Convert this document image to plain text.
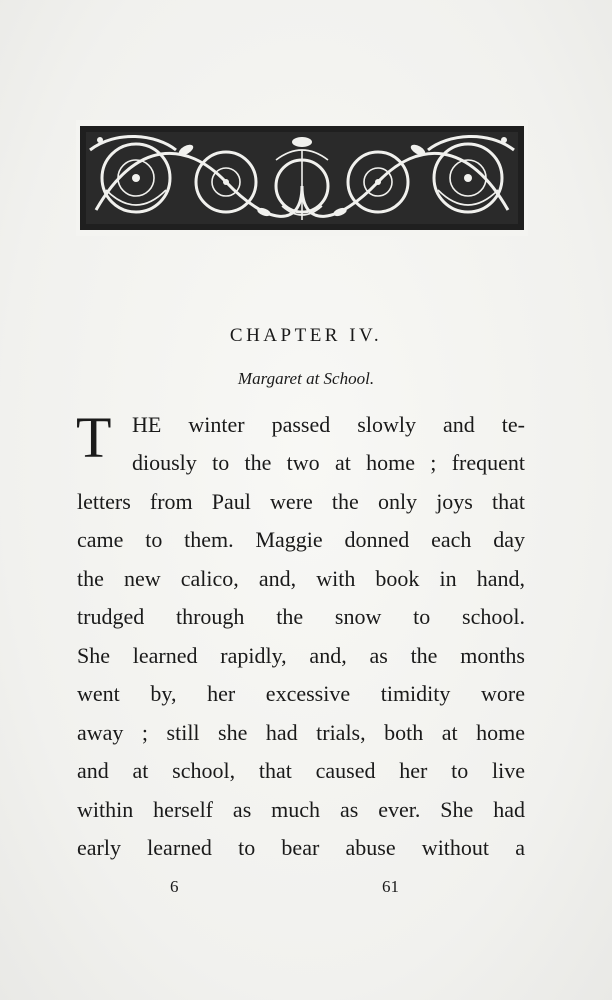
CHAPTER IV.
Margaret at School.
T HE winter passed slowly and te-
diously to the two at home ; frequent
letters from Paul were the only joys that
came to them. Maggie donned each day
the new calico, and, with book in hand,
trudged through the snow to school.
She learned rapidly, and, as the months
went by, her excessive timidity wore
away ; still she had trials, both at home
and at school, that caused her to live
within herself as much as ever. She had
early learned to bear abuse without a
6	61
